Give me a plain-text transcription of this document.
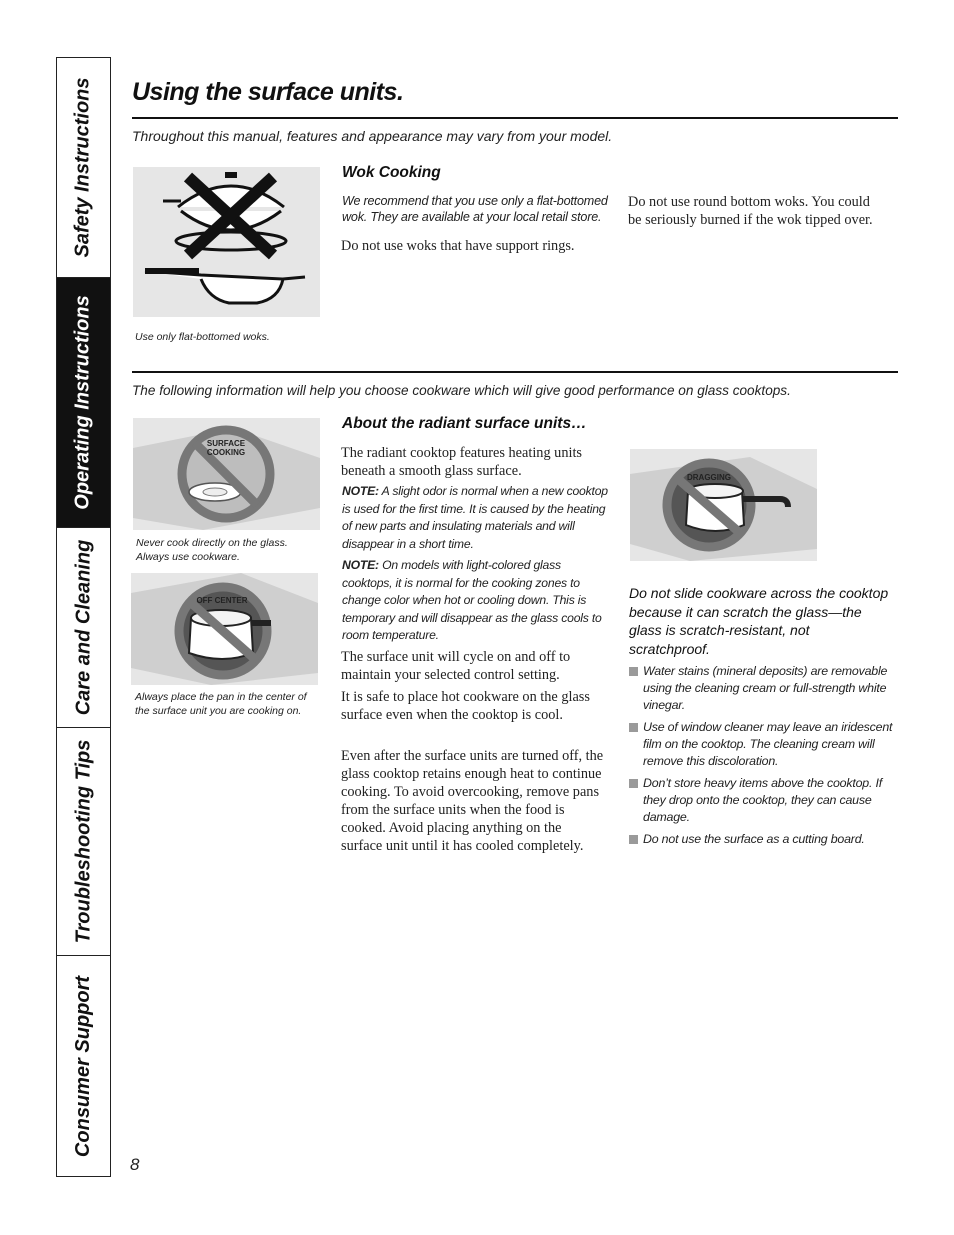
Safety Instructions
Operating Instructions
Care and Cleaning
Troubleshooting Tips
Consumer Support
Using the surface units.
Throughout this manual, features and appearance may vary from your model.
Use only flat-bottomed woks.
Wok Cooking

We recommend that you use only a flat-bottomed wok. They are available at your local retail store.

Do not use woks that have support rings.

Do not use round bottom woks. You could be seriously burned if the wok tipped over.

The following information will help you choose cookware which will give good performance on glass cooktops.
SURFACE
COOKING
Never cook directly on the glass. Always use cookware.
OFF CENTER
Always place the pan in the center of the surface unit you are cooking on.
About the radiant surface units…

The radiant cooktop features heating units beneath a smooth glass surface.

NOTE: A slight odor is normal when a new cooktop is used for the first time. It is caused by the heating of new parts and insulating materials and will disappear in a short time.

NOTE: On models with light-colored glass cooktops, it is normal for the cooking zones to change color when hot or cooling down. This is temporary and will disappear as the glass cools to room temperature.

The surface unit will cycle on and off to maintain your selected control setting.

It is safe to place hot cookware on the glass surface even when the cooktop is cool.

Even after the surface units are turned off, the glass cooktop retains enough heat to continue cooking. To avoid overcooking, remove pans from the surface units when the food is cooked. Avoid placing anything on the surface unit until it has cooled completely.

DRAGGING

Do not slide cookware across the cooktop because it can scratch the glass—the glass is scratch-resistant, not scratchproof.

Water stains (mineral deposits) are removable using the cleaning cream or full-strength white vinegar.
Use of window cleaner may leave an iridescent film on the cooktop. The cleaning cream will remove this discoloration.
Don’t store heavy items above the cooktop. If they drop onto the cooktop, they can cause damage.
Do not use the surface as a cutting board.
8
